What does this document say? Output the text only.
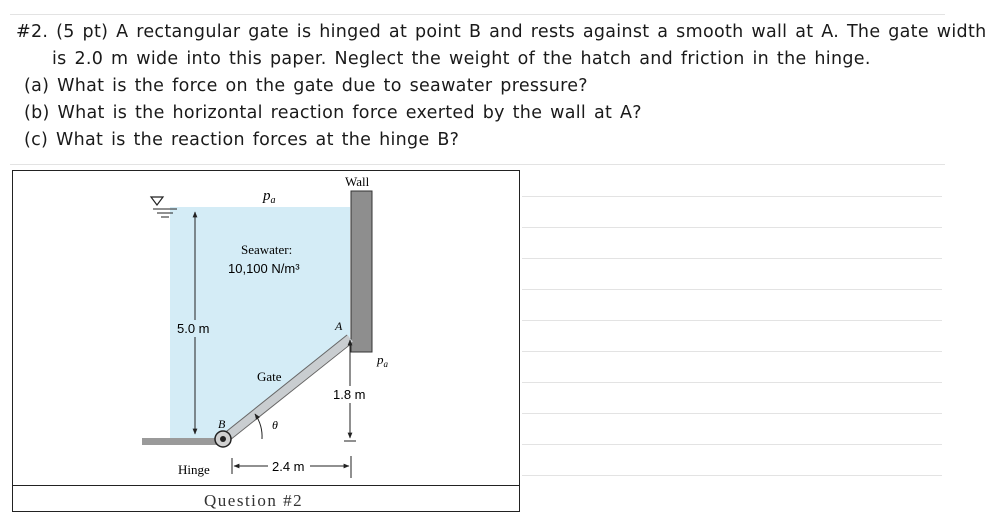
#2. (5 pt) A rectangular gate is hinged at point B and rests against a smooth wall at A. The gate width
is 2.0 m wide into this paper. Neglect the weight of the hatch and friction in the hinge.
(a) What is the force on the gate due to seawater pressure?
(b) What is the horizontal reaction force exerted by the wall at A?
(c) What is the reaction forces at the hinge B?
$p_a$
Wall
Seawater:
10,100 N/m³
5.0 m	A
$p_a$
Gate
1.8 m
B	θ
Hinge	2.4 m
Question #2
